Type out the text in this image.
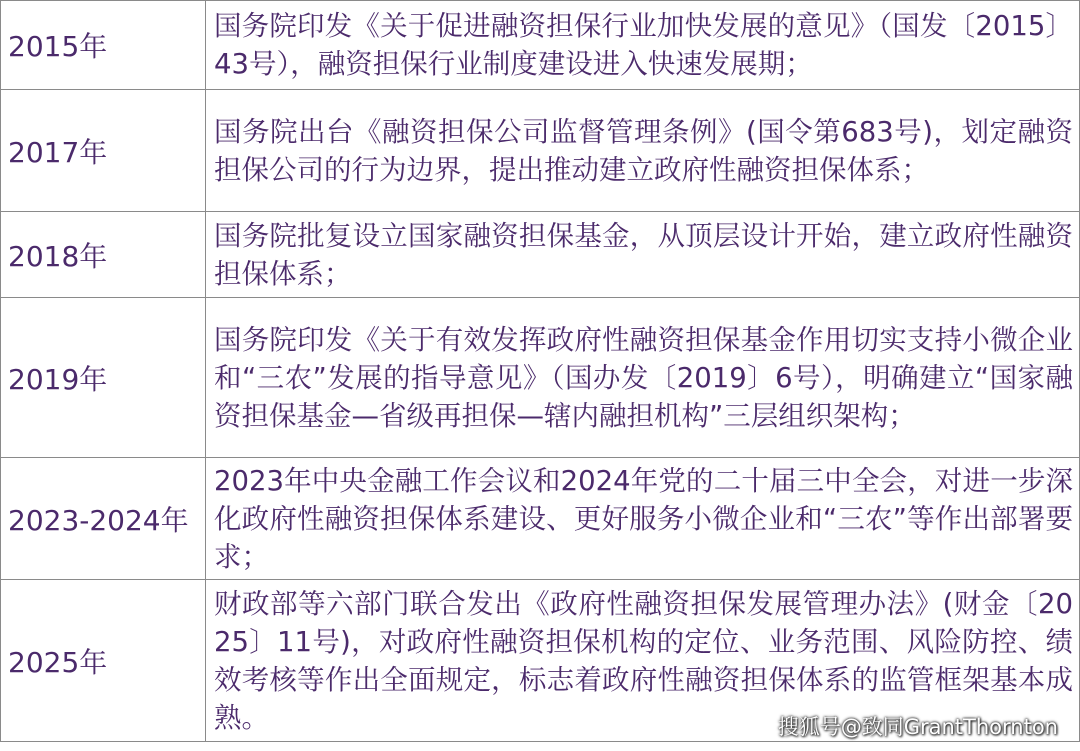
2015年	国务院印发《关于促进融资担保行业加快发展的意见》（国发〔2015〕43号），融资担保行业制度建设进入快速发展期；
2017年	国务院出台《融资担保公司监督管理条例》(国令第683号)，划定融资担保公司的行为边界，提出推动建立政府性融资担保体系；
2018年	国务院批复设立国家融资担保基金，从顶层设计开始，建立政府性融资担保体系；
2019年	国务院印发《关于有效发挥政府性融资担保基金作用切实支持小微企业和“三农”发展的指导意见》（国办发〔2019〕6号），明确建立“国家融资担保基金—省级再担保—辖内融担机构”三层组织架构；
2023-2024年	2023年中央金融工作会议和2024年党的二十届三中全会，对进一步深化政府性融资担保体系建设、更好服务小微企业和“三农”等作出部署要求；
2025年	财政部等六部门联合发出《政府性融资担保发展管理办法》(财金〔2025〕11号)，对政府性融资担保机构的定位、业务范围、风险防控、绩效考核等作出全面规定，标志着政府性融资担保体系的监管框架基本成熟。	搜狐号@致同GrantThornton
